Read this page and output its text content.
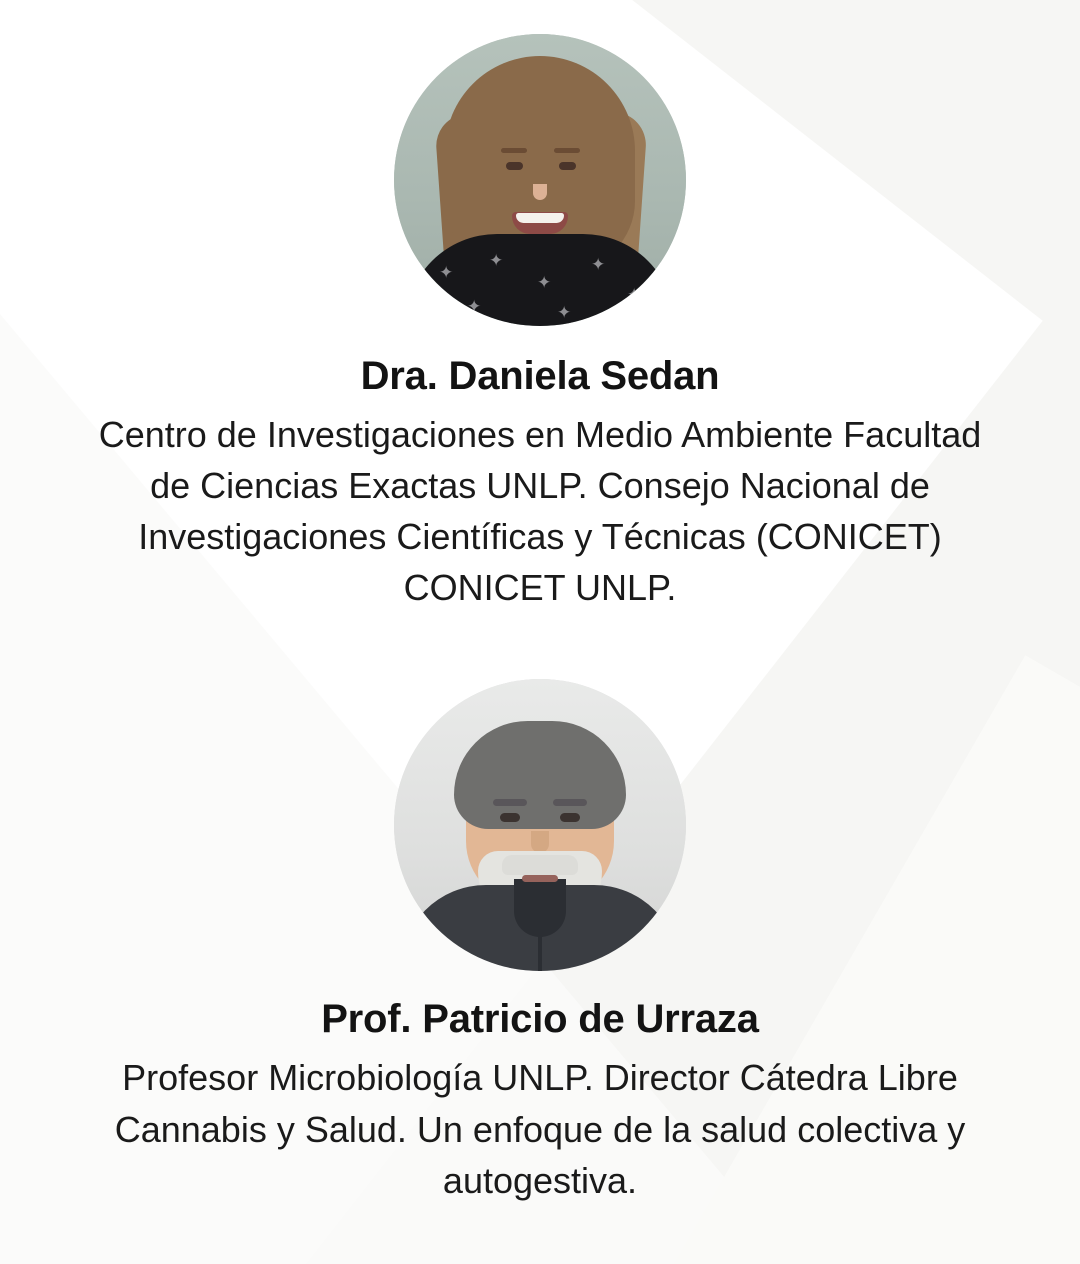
✦
✦
✦
✦
✦
✦	✦
Dra. Daniela Sedan
Centro de Investigaciones en Medio Ambiente Facultad de Ciencias Exactas UNLP. Consejo Nacional de Investigaciones Científicas y Técnicas (CONICET) CONICET UNLP.
Prof. Patricio de Urraza
Profesor Microbiología UNLP. Director Cátedra Libre Cannabis y Salud. Un enfoque de la salud colectiva y autogestiva.
